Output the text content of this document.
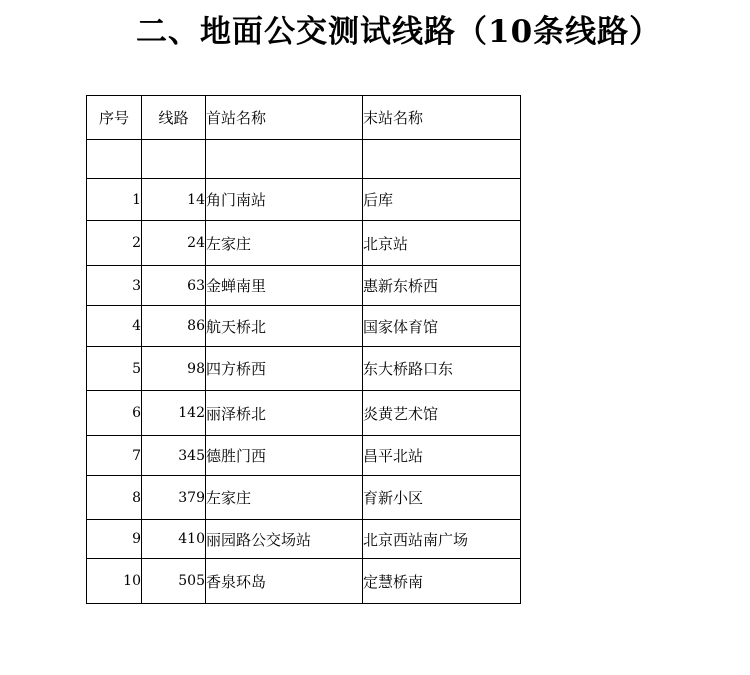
二、地面公交测试线路（10条线路）
序号	线路	首站名称	末站名称

1	14	角门南站	后库
2	24	左家庄	北京站
3	63	金蝉南里	惠新东桥西
4	86	航天桥北	国家体育馆
5	98	四方桥西	东大桥路口东
6	142	丽泽桥北	炎黄艺术馆
7	345	德胜门西	昌平北站
8	379	左家庄	育新小区
9	410	丽园路公交场站	北京西站南广场
10	505	香泉环岛	定慧桥南
